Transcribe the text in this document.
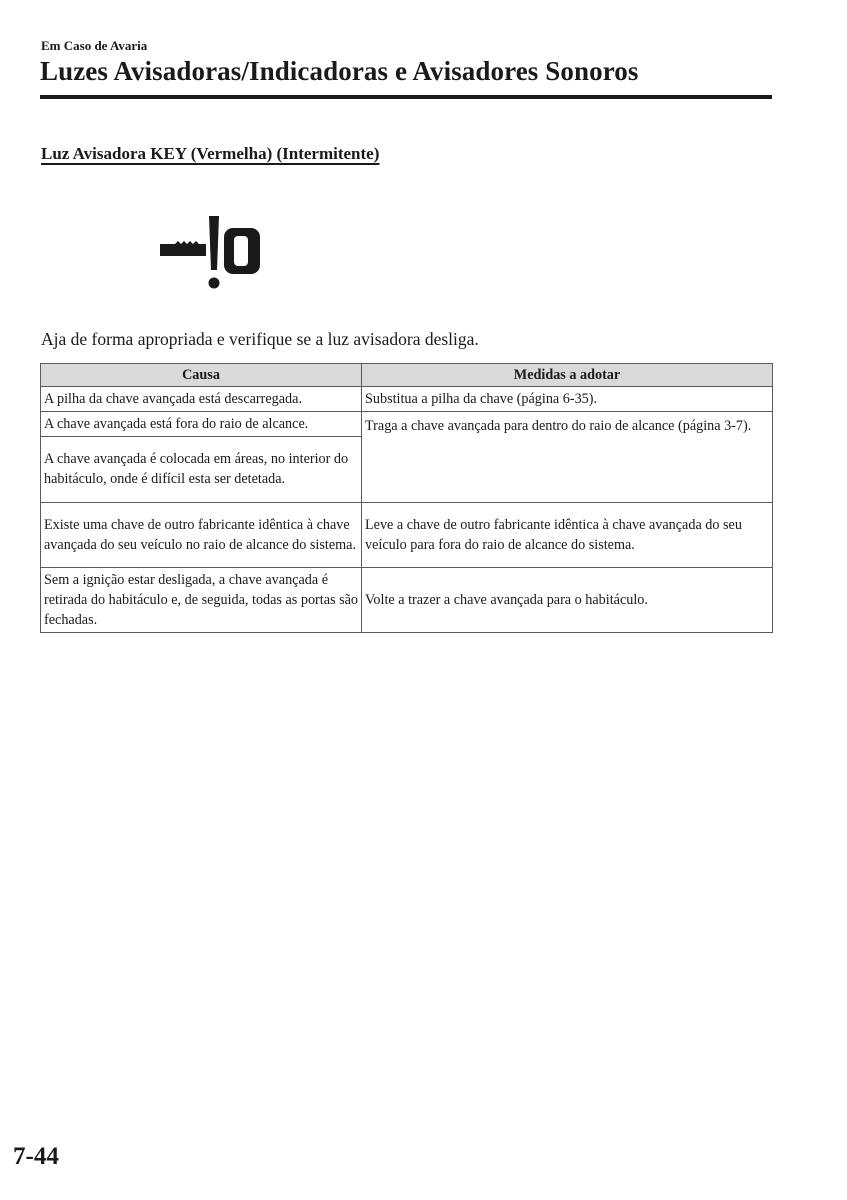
Em Caso de Avaria
Luzes Avisadoras/Indicadoras e Avisadores Sonoros
Luz Avisadora KEY (Vermelha) (Intermitente)
Aja de forma apropriada e verifique se a luz avisadora desliga.
Causa	Medidas a adotar
A pilha da chave avançada está descarregada.	Substitua a pilha da chave (página 6-35).
A chave avançada está fora do raio de alcance.	Traga a chave avançada para dentro do raio de alcance (página 3-7).
A chave avançada é colocada em áreas, no interior do habitáculo, onde é difícil esta ser detetada.	
Existe uma chave de outro fabricante idêntica à chave avançada do seu veículo no raio de alcance do sistema.	Leve a chave de outro fabricante idêntica à chave avançada do seu veículo para fora do raio de alcance do sistema.
Sem a ignição estar desligada, a chave avançada é retirada do habitáculo e, de seguida, todas as portas são fechadas.	Volte a trazer a chave avançada para o habitáculo.
7-44
